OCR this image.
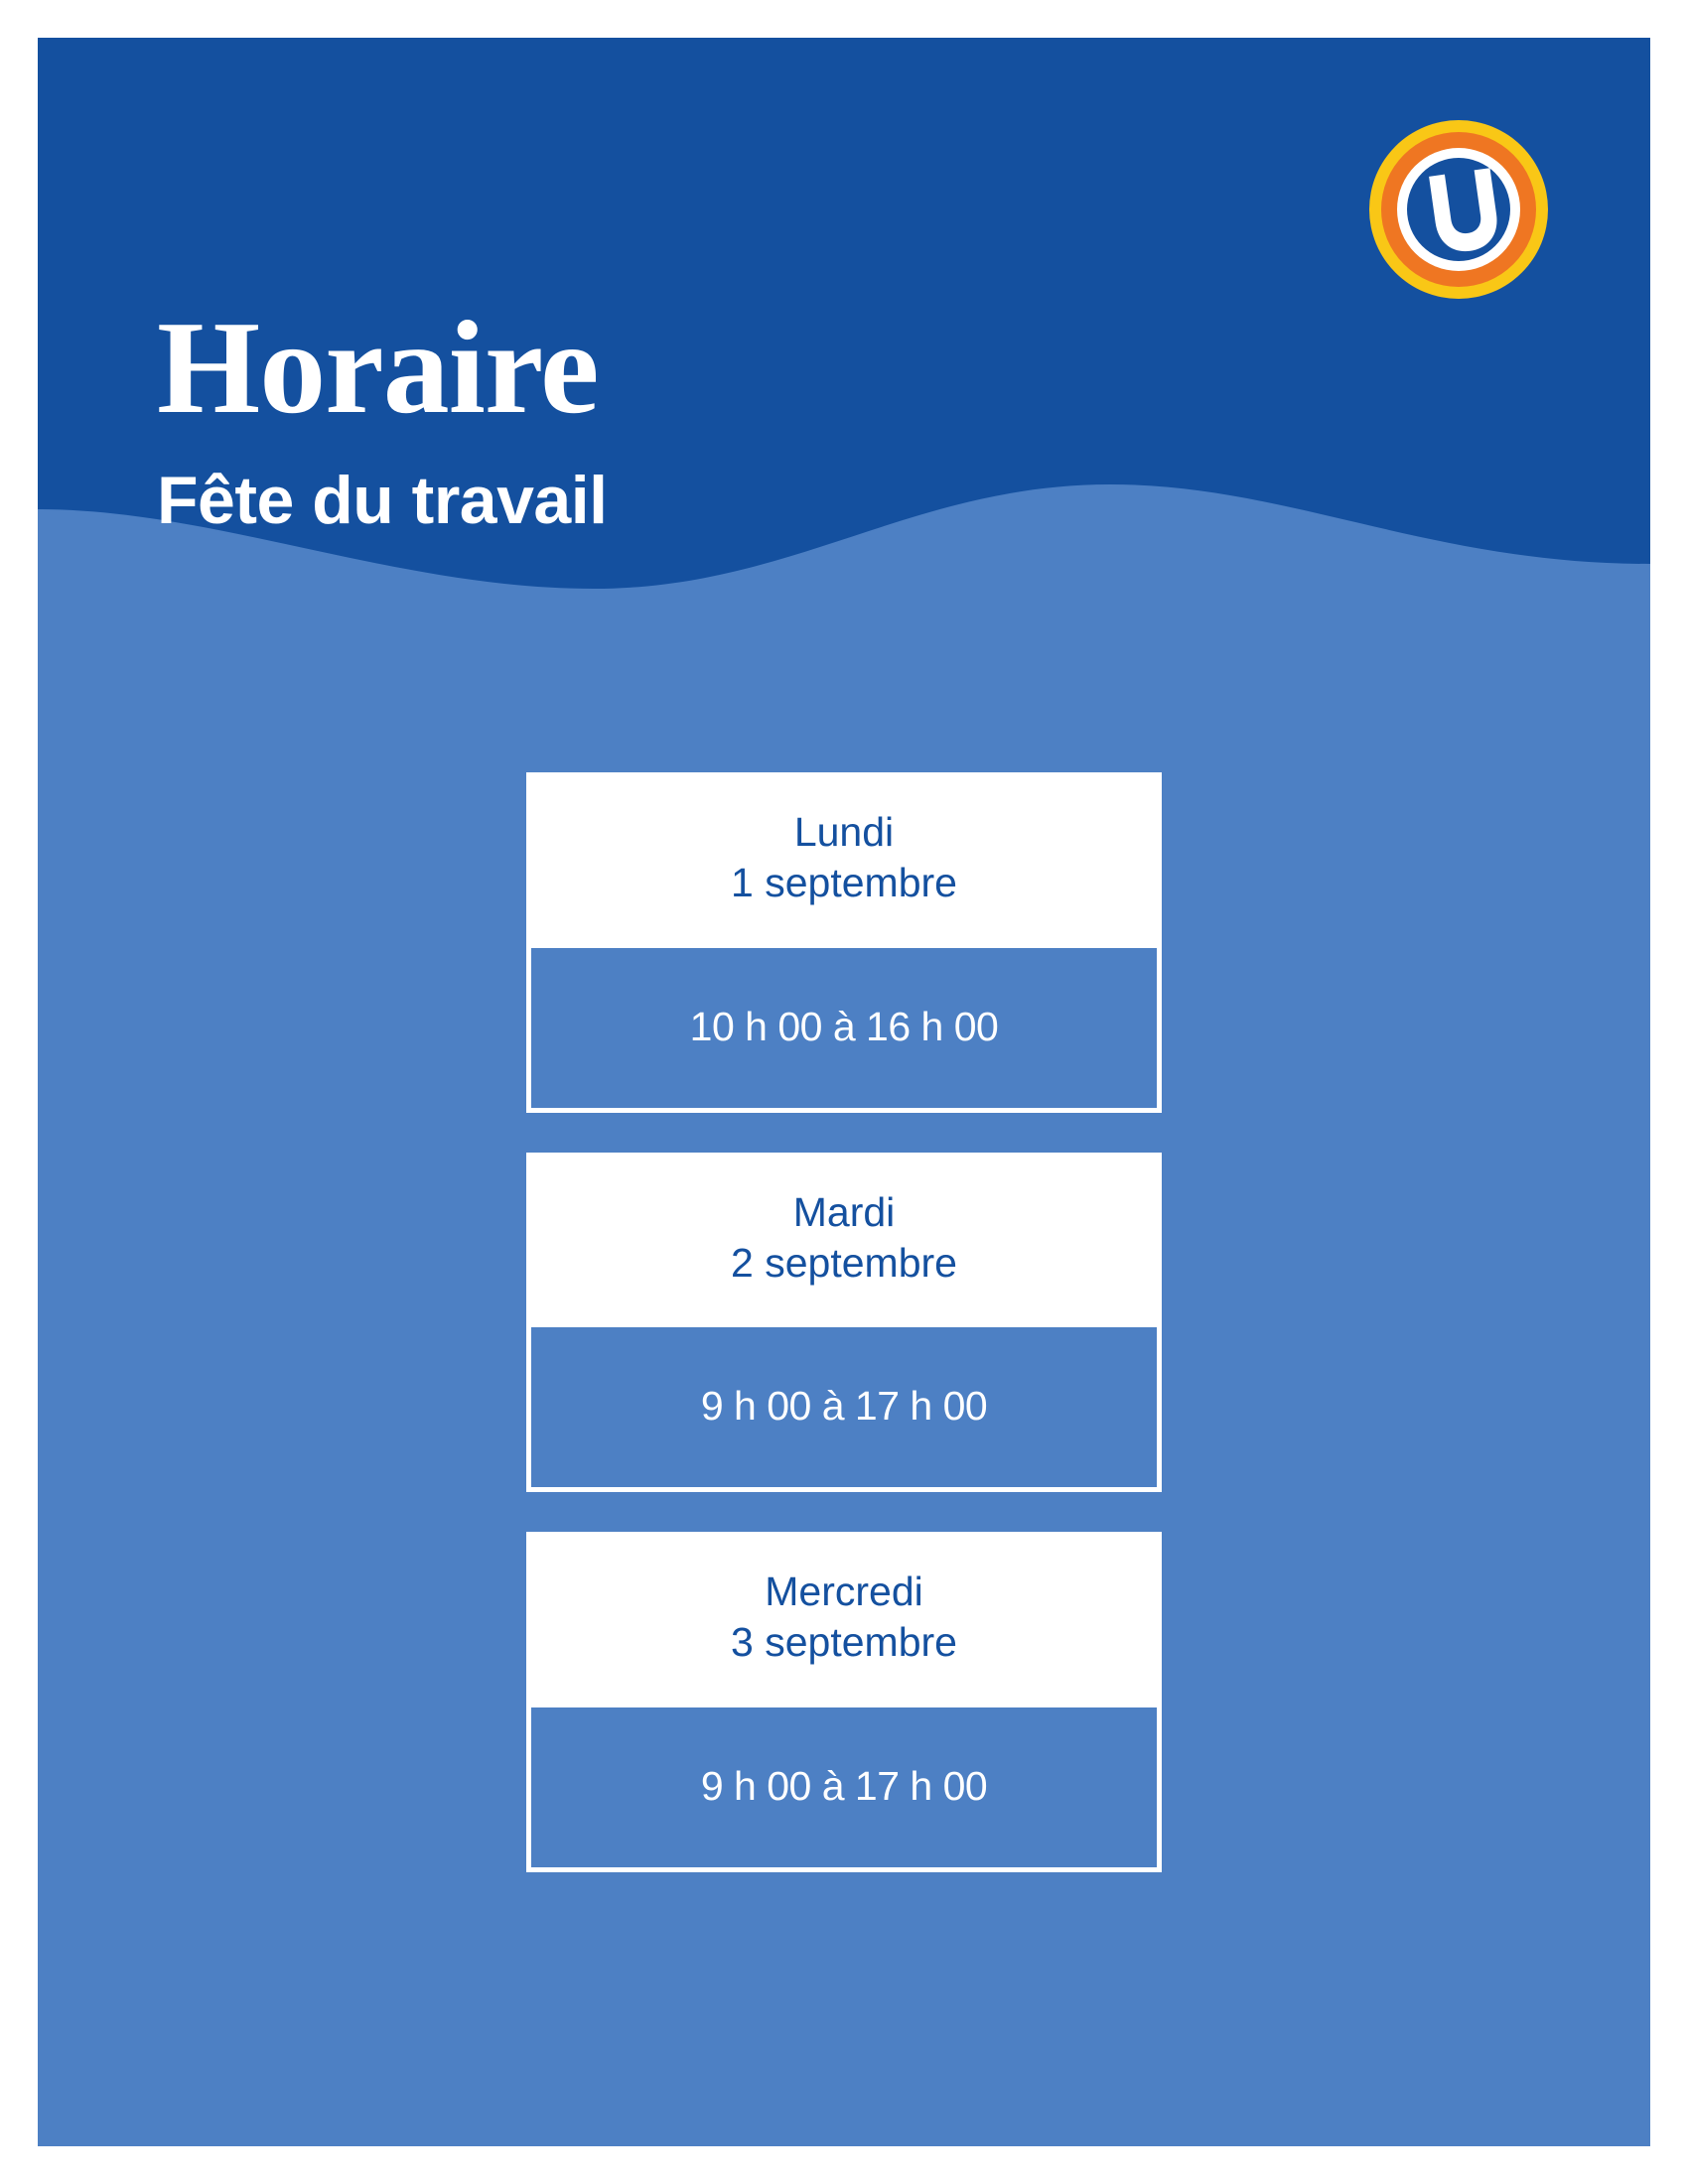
Horaire

Fête du travail

Lundi
1 septembre
10 h 00 à 16 h 00
Mardi
2 septembre
9 h 00 à 17 h 00
Mercredi
3 septembre
9 h 00 à 17 h 00
